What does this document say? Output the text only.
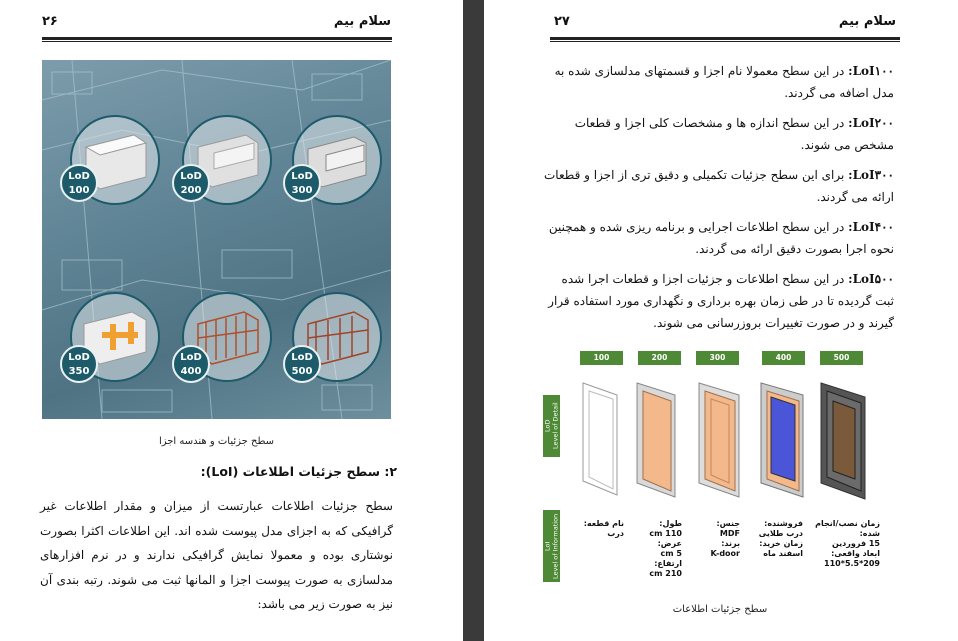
۲۶	سلام بیم
LoD
100
LoD
200
LoD
300
LoD
350
LoD
400
LoD
500
سطح جزئیات و هندسه اجزا
۲: سطح جزئیات اطلاعات (LoI):
سطح جزئیات اطلاعات عبارتست از میزان و مقدار اطلاعات غیر گرافیکی که به اجزای مدل پیوست شده اند. این اطلاعات اکثرا بصورت نوشتاری بوده و معمولا نمایش گرافیکی ندارند و در نرم افزارهای مدلسازی به صورت پیوست اجزا و المانها ثبت می شوند. رتبه بندی آن نیز به صورت زیر می باشد:
۲۷	سلام بیم
LoI۱۰۰: در این سطح معمولا نام اجزا و قسمتهای مدلسازی شده به مدل اضافه می گردند.
LoI۲۰۰: در این سطح اندازه ها و مشخصات کلی اجزا و قطعات مشخص می شوند.
LoI۳۰۰: برای این سطح جزئیات تکمیلی و دقیق تری از اجزا و قطعات ارائه می گردند.
LoI۴۰۰: در این سطح اطلاعات اجرایی و برنامه ریزی شده و همچنین نحوه اجرا بصورت دقیق ارائه می گردند.
LoI۵۰۰: در این سطح اطلاعات و جزئیات اجزا و قطعات اجرا شده ثبت گردیده تا در طی زمان بهره برداری و نگهداری مورد استفاده قرار گیرند و در صورت تغییرات بروزرسانی می شوند.
100	200	300	400	500
LoD
Level of Detail
LoI
Level of Information	نام قطعه:
درب
طول:
110 cm
عرض:
5 cm
ارتفاع:
210 cm
جنس:
MDF
برند:
K-door
فروشنده:
درب طلایی
زمان خرید:
اسفند ماه
زمان نصب/انجام شده:
15 فروردین
ابعاد واقعی:
209*5.5*110
سطح جزئیات اطلاعات
